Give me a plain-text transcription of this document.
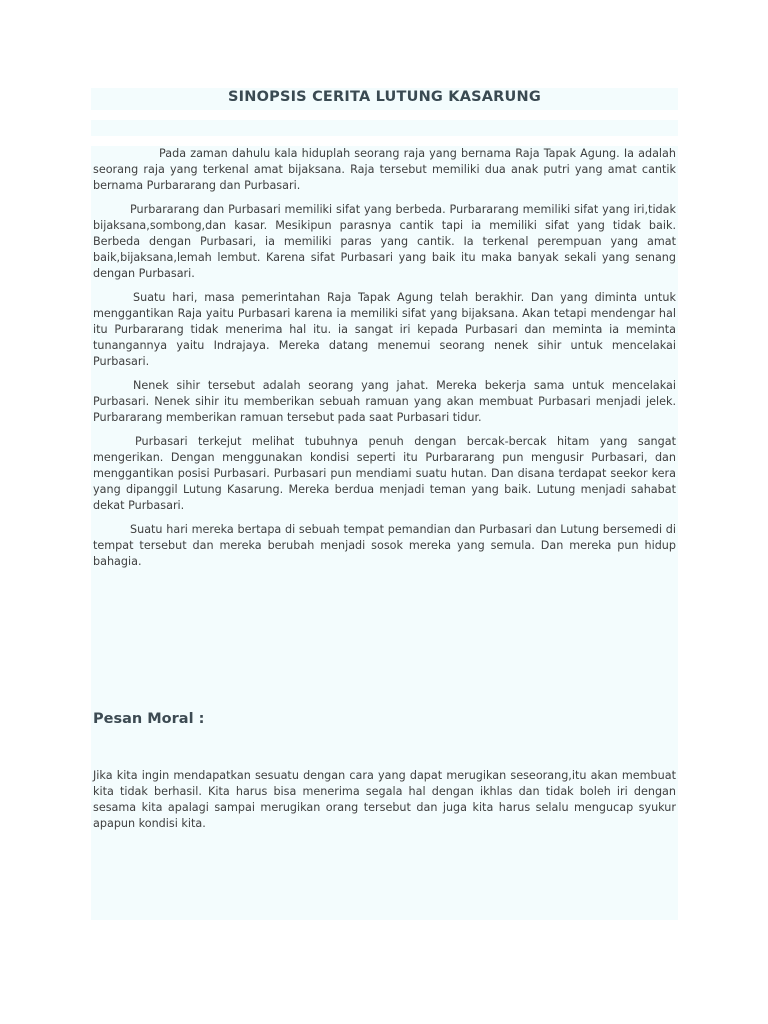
SINOPSIS CERITA LUTUNG KASARUNG

Pada zaman dahulu kala hiduplah seorang raja yang bernama Raja Tapak Agung. Ia adalah seorang raja yang terkenal amat bijaksana. Raja tersebut memiliki dua anak putri yang amat cantik bernama Purbararang dan Purbasari.

Purbararang dan Purbasari memiliki sifat yang berbeda. Purbararang memiliki sifat yang iri,tidak bijaksana,sombong,dan kasar. Mesikipun parasnya cantik tapi ia memiliki sifat yang tidak baik. Berbeda dengan Purbasari, ia memiliki paras yang cantik. Ia terkenal perempuan yang amat baik,bijaksana,lemah lembut. Karena sifat Purbasari yang baik itu maka banyak sekali yang senang dengan Purbasari.

Suatu hari, masa pemerintahan Raja Tapak Agung telah berakhir. Dan yang diminta untuk menggantikan Raja yaitu Purbasari karena ia memiliki sifat yang bijaksana. Akan tetapi mendengar hal itu Purbararang tidak menerima hal itu. ia sangat iri kepada Purbasari dan meminta ia meminta tunangannya yaitu Indrajaya. Mereka datang menemui seorang nenek sihir untuk mencelakai Purbasari.

Nenek sihir tersebut adalah seorang yang jahat. Mereka bekerja sama untuk mencelakai Purbasari. Nenek sihir itu memberikan sebuah ramuan yang akan membuat Purbasari menjadi jelek. Purbararang memberikan ramuan tersebut pada saat Purbasari tidur.

Purbasari terkejut melihat tubuhnya penuh dengan bercak-bercak hitam yang sangat mengerikan. Dengan menggunakan kondisi seperti itu Purbararang pun mengusir Purbasari, dan menggantikan posisi Purbasari. Purbasari pun mendiami suatu hutan. Dan disana terdapat seekor kera yang dipanggil Lutung Kasarung. Mereka berdua menjadi teman yang baik. Lutung menjadi sahabat dekat Purbasari.

Suatu hari mereka bertapa di sebuah tempat pemandian dan Purbasari dan Lutung bersemedi di tempat tersebut dan mereka berubah menjadi sosok mereka yang semula. Dan mereka pun hidup bahagia.

Pesan Moral :

Jika kita ingin mendapatkan sesuatu dengan cara yang dapat merugikan seseorang,itu akan membuat kita tidak berhasil. Kita harus bisa menerima segala hal dengan ikhlas dan tidak boleh iri dengan sesama kita apalagi sampai merugikan orang tersebut dan juga kita harus selalu mengucap syukur apapun kondisi kita.
